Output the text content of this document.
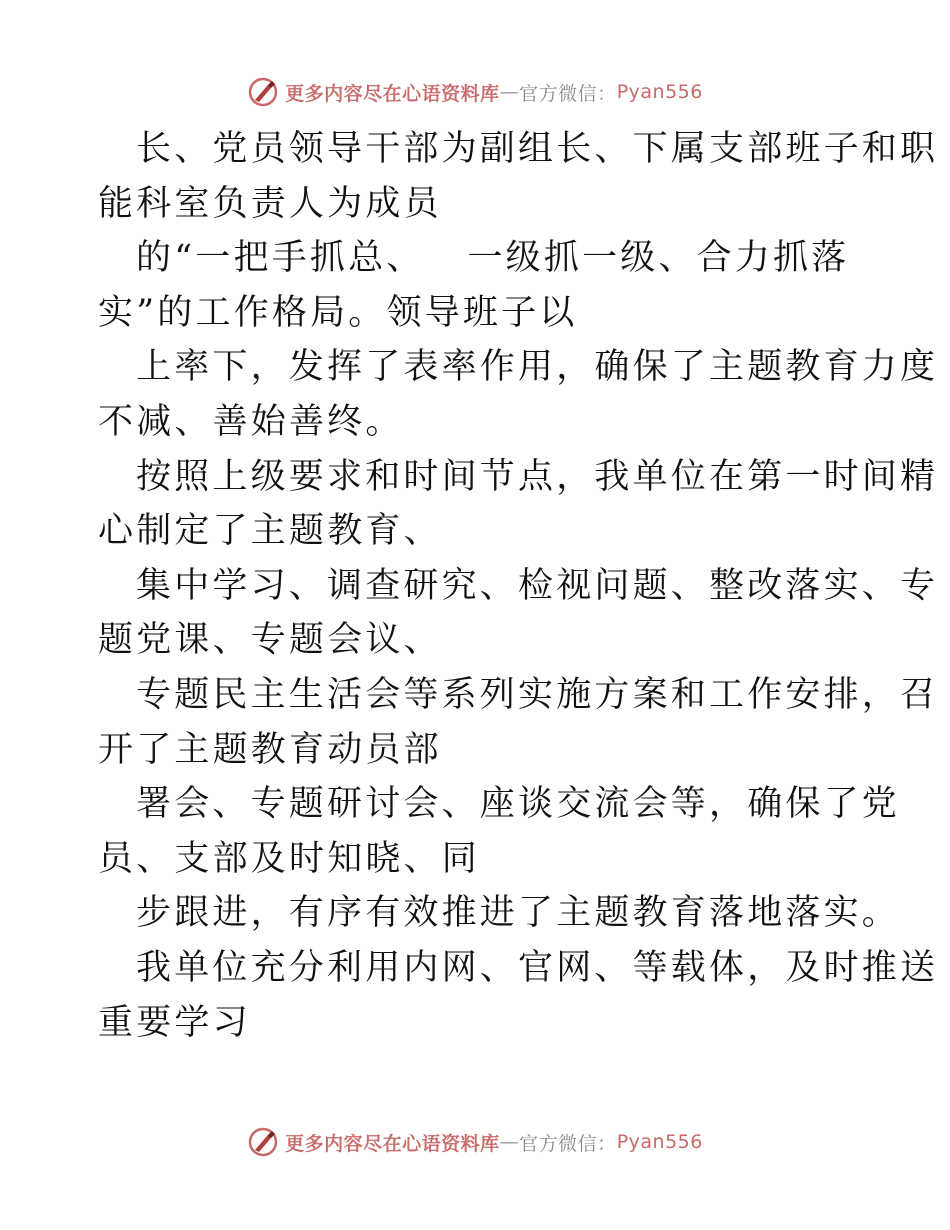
更多内容尽在心语资料库 — 官方微信： Pyan556

长、党员领导干部为副组长、下属支部班子和职
能科室负责人为成员

的“一把手抓总、   一级抓一级、合力抓落
实”的工作格局。领导班子以

上率下，发挥了表率作用，确保了主题教育力度
不减、善始善终。

按照上级要求和时间节点，我单位在第一时间精
心制定了主题教育、

集中学习、调查研究、检视问题、整改落实、专
题党课、专题会议、

专题民主生活会等系列实施方案和工作安排，召
开了主题教育动员部

署会、专题研讨会、座谈交流会等，确保了党
员、支部及时知晓、同

步跟进，有序有效推进了主题教育落地落实。

我单位充分利用内网、官网、等载体，及时推送
重要学习

更多内容尽在心语资料库 — 官方微信： Pyan556
